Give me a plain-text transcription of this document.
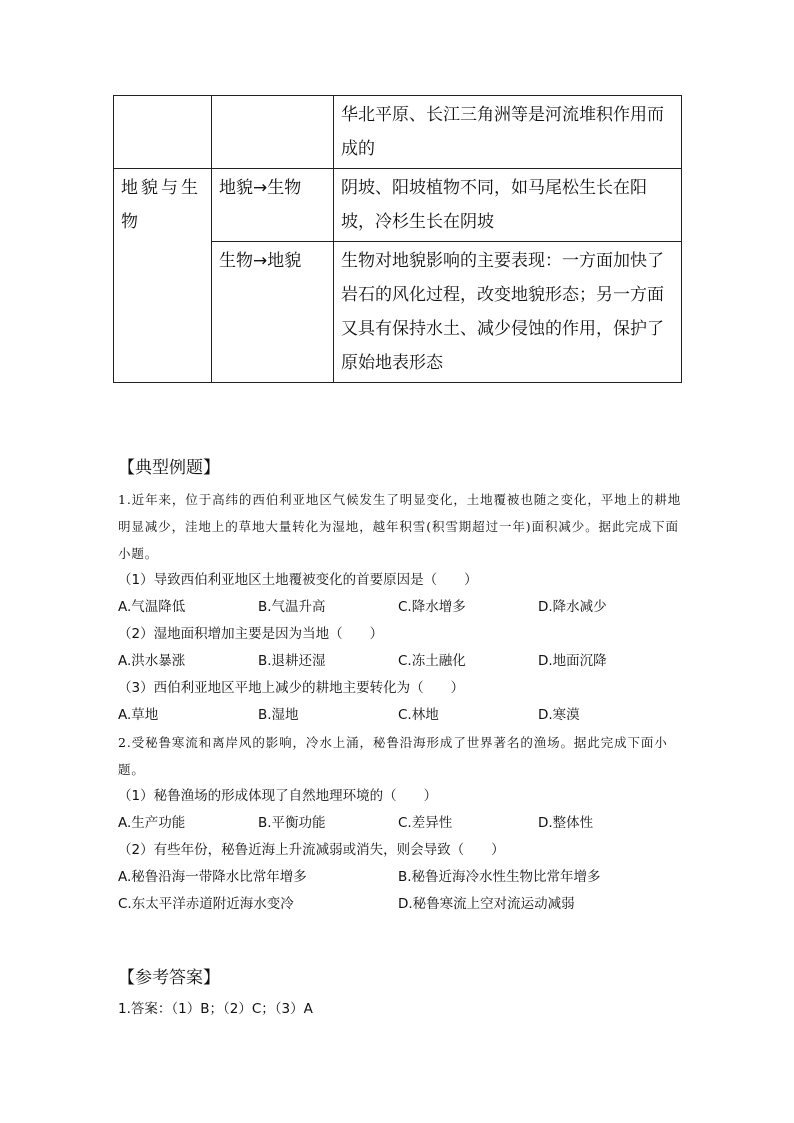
		华北平原、长江三角洲等是河流堆积作用而成的
地貌与生物	地貌→生物	阴坡、阳坡植物不同，如马尾松生长在阳坡，冷杉生长在阴坡
	生物→地貌	生物对地貌影响的主要表现：一方面加快了岩石的风化过程，改变地貌形态；另一方面又具有保持水土、减少侵蚀的作用，保护了原始地表形态
【典型例题】
1.近年来，位于高纬的西伯利亚地区气候发生了明显变化，土地覆被也随之变化，平地上的耕地明显减少，洼地上的草地大量转化为湿地，越年积雪(积雪期超过一年)面积减少。据此完成下面小题。
（1）导致西伯利亚地区土地覆被变化的首要原因是（　　）
A.气温降低	B.气温升高	C.降水增多	D.降水减少
（2）湿地面积增加主要是因为当地（　　）
A.洪水暴涨	B.退耕还湿	C.冻土融化	D.地面沉降
（3）西伯利亚地区平地上减少的耕地主要转化为（　　）
A.草地	B.湿地	C.林地	D.寒漠
2.受秘鲁寒流和离岸风的影响，冷水上涌，秘鲁沿海形成了世界著名的渔场。据此完成下面小题。
（1）秘鲁渔场的形成体现了自然地理环境的（　　）
A.生产功能	B.平衡功能	C.差异性	D.整体性
（2）有些年份，秘鲁近海上升流减弱或消失，则会导致（　　）
A.秘鲁沿海一带降水比常年增多	B.秘鲁近海冷水性生物比常年增多
C.东太平洋赤道附近海水变冷	D.秘鲁寒流上空对流运动减弱
【参考答案】
1.答案：（1）B；（2）C；（3）A
